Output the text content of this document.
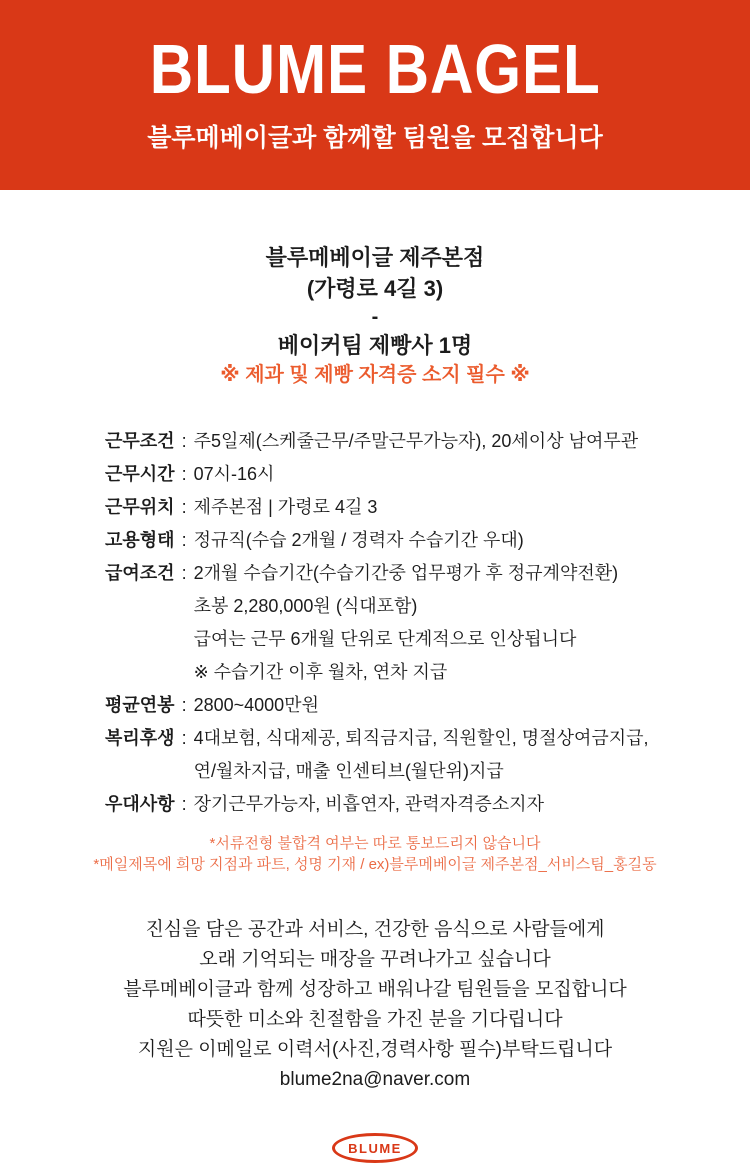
BLUME BAGEL
블루메베이글과 함께할 팀원을 모집합니다
블루메베이글 제주본점
(가령로 4길 3)
-
베이커팀 제빵사 1명
※ 제과 및 제빵 자격증 소지 필수 ※
근무조건 : 주5일제(스케줄근무/주말근무가능자), 20세이상 남여무관
근무시간 : 07시-16시
근무위치 : 제주본점 | 가령로 4길 3
고용형태 : 정규직(수습 2개월 / 경력자 수습기간 우대)
급여조건 : 2개월 수습기간(수습기간중 업무평가 후 정규계약전환)
초봉 2,280,000원 (식대포함)
급여는 근무 6개월 단위로 단계적으로 인상됩니다
※ 수습기간 이후 월차, 연차 지급
평균연봉 : 2800~4000만원
복리후생 : 4대보험, 식대제공, 퇴직금지급, 직원할인, 명절상여금지급,
연/월차지급, 매출 인센티브(월단위)지급
우대사항 : 장기근무가능자, 비흡연자, 관력자격증소지자
*서류전형 불합격 여부는 따로 통보드리지 않습니다
*메일제목에 희망 지점과 파트, 성명 기재 / ex)블루메베이글 제주본점_서비스팀_홍길동
진심을 담은 공간과 서비스, 건강한 음식으로 사람들에게
오래 기억되는 매장을 꾸려나가고 싶습니다
블루메베이글과 함께 성장하고 배워나갈 팀원들을 모집합니다
따뜻한 미소와 친절함을 가진 분을 기다립니다
지원은 이메일로 이력서(사진,경력사항 필수)부탁드립니다
blume2na@naver.com
BLUME
